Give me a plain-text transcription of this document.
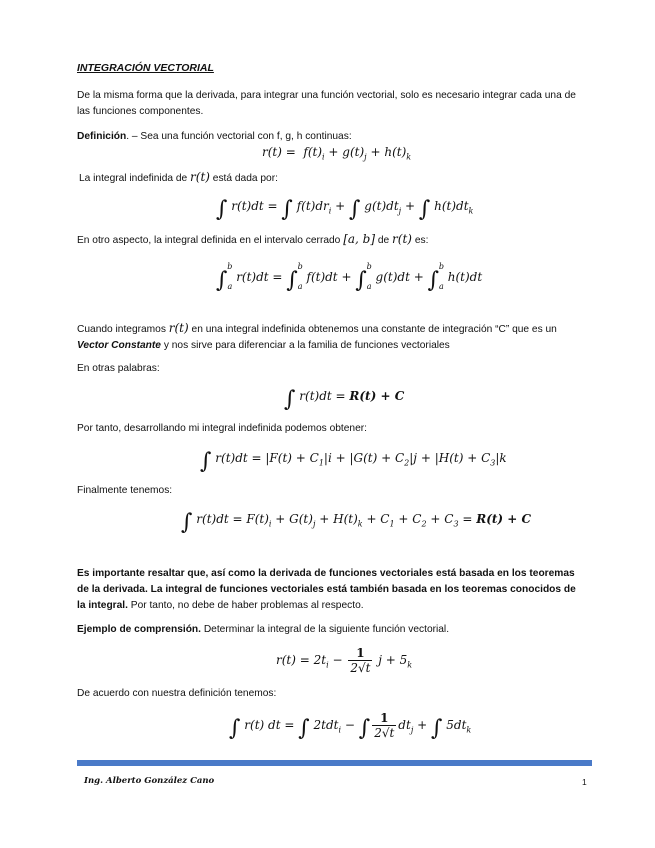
INTEGRACIÓN VECTORIAL
De la misma forma que la derivada, para integrar una función vectorial, solo es necesario integrar cada una de las funciones componentes.
Definición. – Sea una función vectorial con f, g, h continuas:
$r(t) = f(t)_i + g(t)_j + h(t)_k$
La integral indefinida de r(t) está dada por:
∫ r(t)dt = ∫ $f(t)dr_i$ + ∫ $g(t)dt_j$ + ∫ $h(t)dt_k$
En otro aspecto, la integral definida en el intervalo cerrado [a, b] de r(t) es:
$\int_a^b$ $r(t)dt = \int_a^b$ $f(t)dt + \int_a^b$ $g(t)dt + \int_a^b$ h(t)dt
Cuando integramos r(t) en una integral indefinida obtenemos una constante de integración “C” que es un Vector Constante y nos sirve para diferenciar a la familia de funciones vectoriales
En otras palabras:
∫ r(t)dt = R(t) + C
Por tanto, desarrollando mi integral indefinida podemos obtener:
∫ $r(t)dt = |F(t) + C_1|i + |G(t) + C_2|j + |H(t) + C_3|k$
Finalmente tenemos:
∫ $r(t)dt = F(t)_i + G(t)_j + H(t)_k + C_1 + C_2 + C_3 = R(t) + C$
Es importante resaltar que, así como la derivada de funciones vectoriales está basada en los teoremas de la derivada. La integral de funciones vectoriales está también basada en los teoremas conocidos de la integral. Por tanto, no debe de haber problemas al respecto.
Ejemplo de comprensión. Determinar la integral de la siguiente función vectorial.
$r(t) = 2t_i - \frac{1}{2√t}$ $j + 5_k$
De acuerdo con nuestra definición tenemos:
∫ r(t) dt = ∫ 2tdt$_i$ − ∫ $\frac{1}{2√t} dt_j$ + ∫ $5dt_k$
Ing. Alberto González Cano	1
